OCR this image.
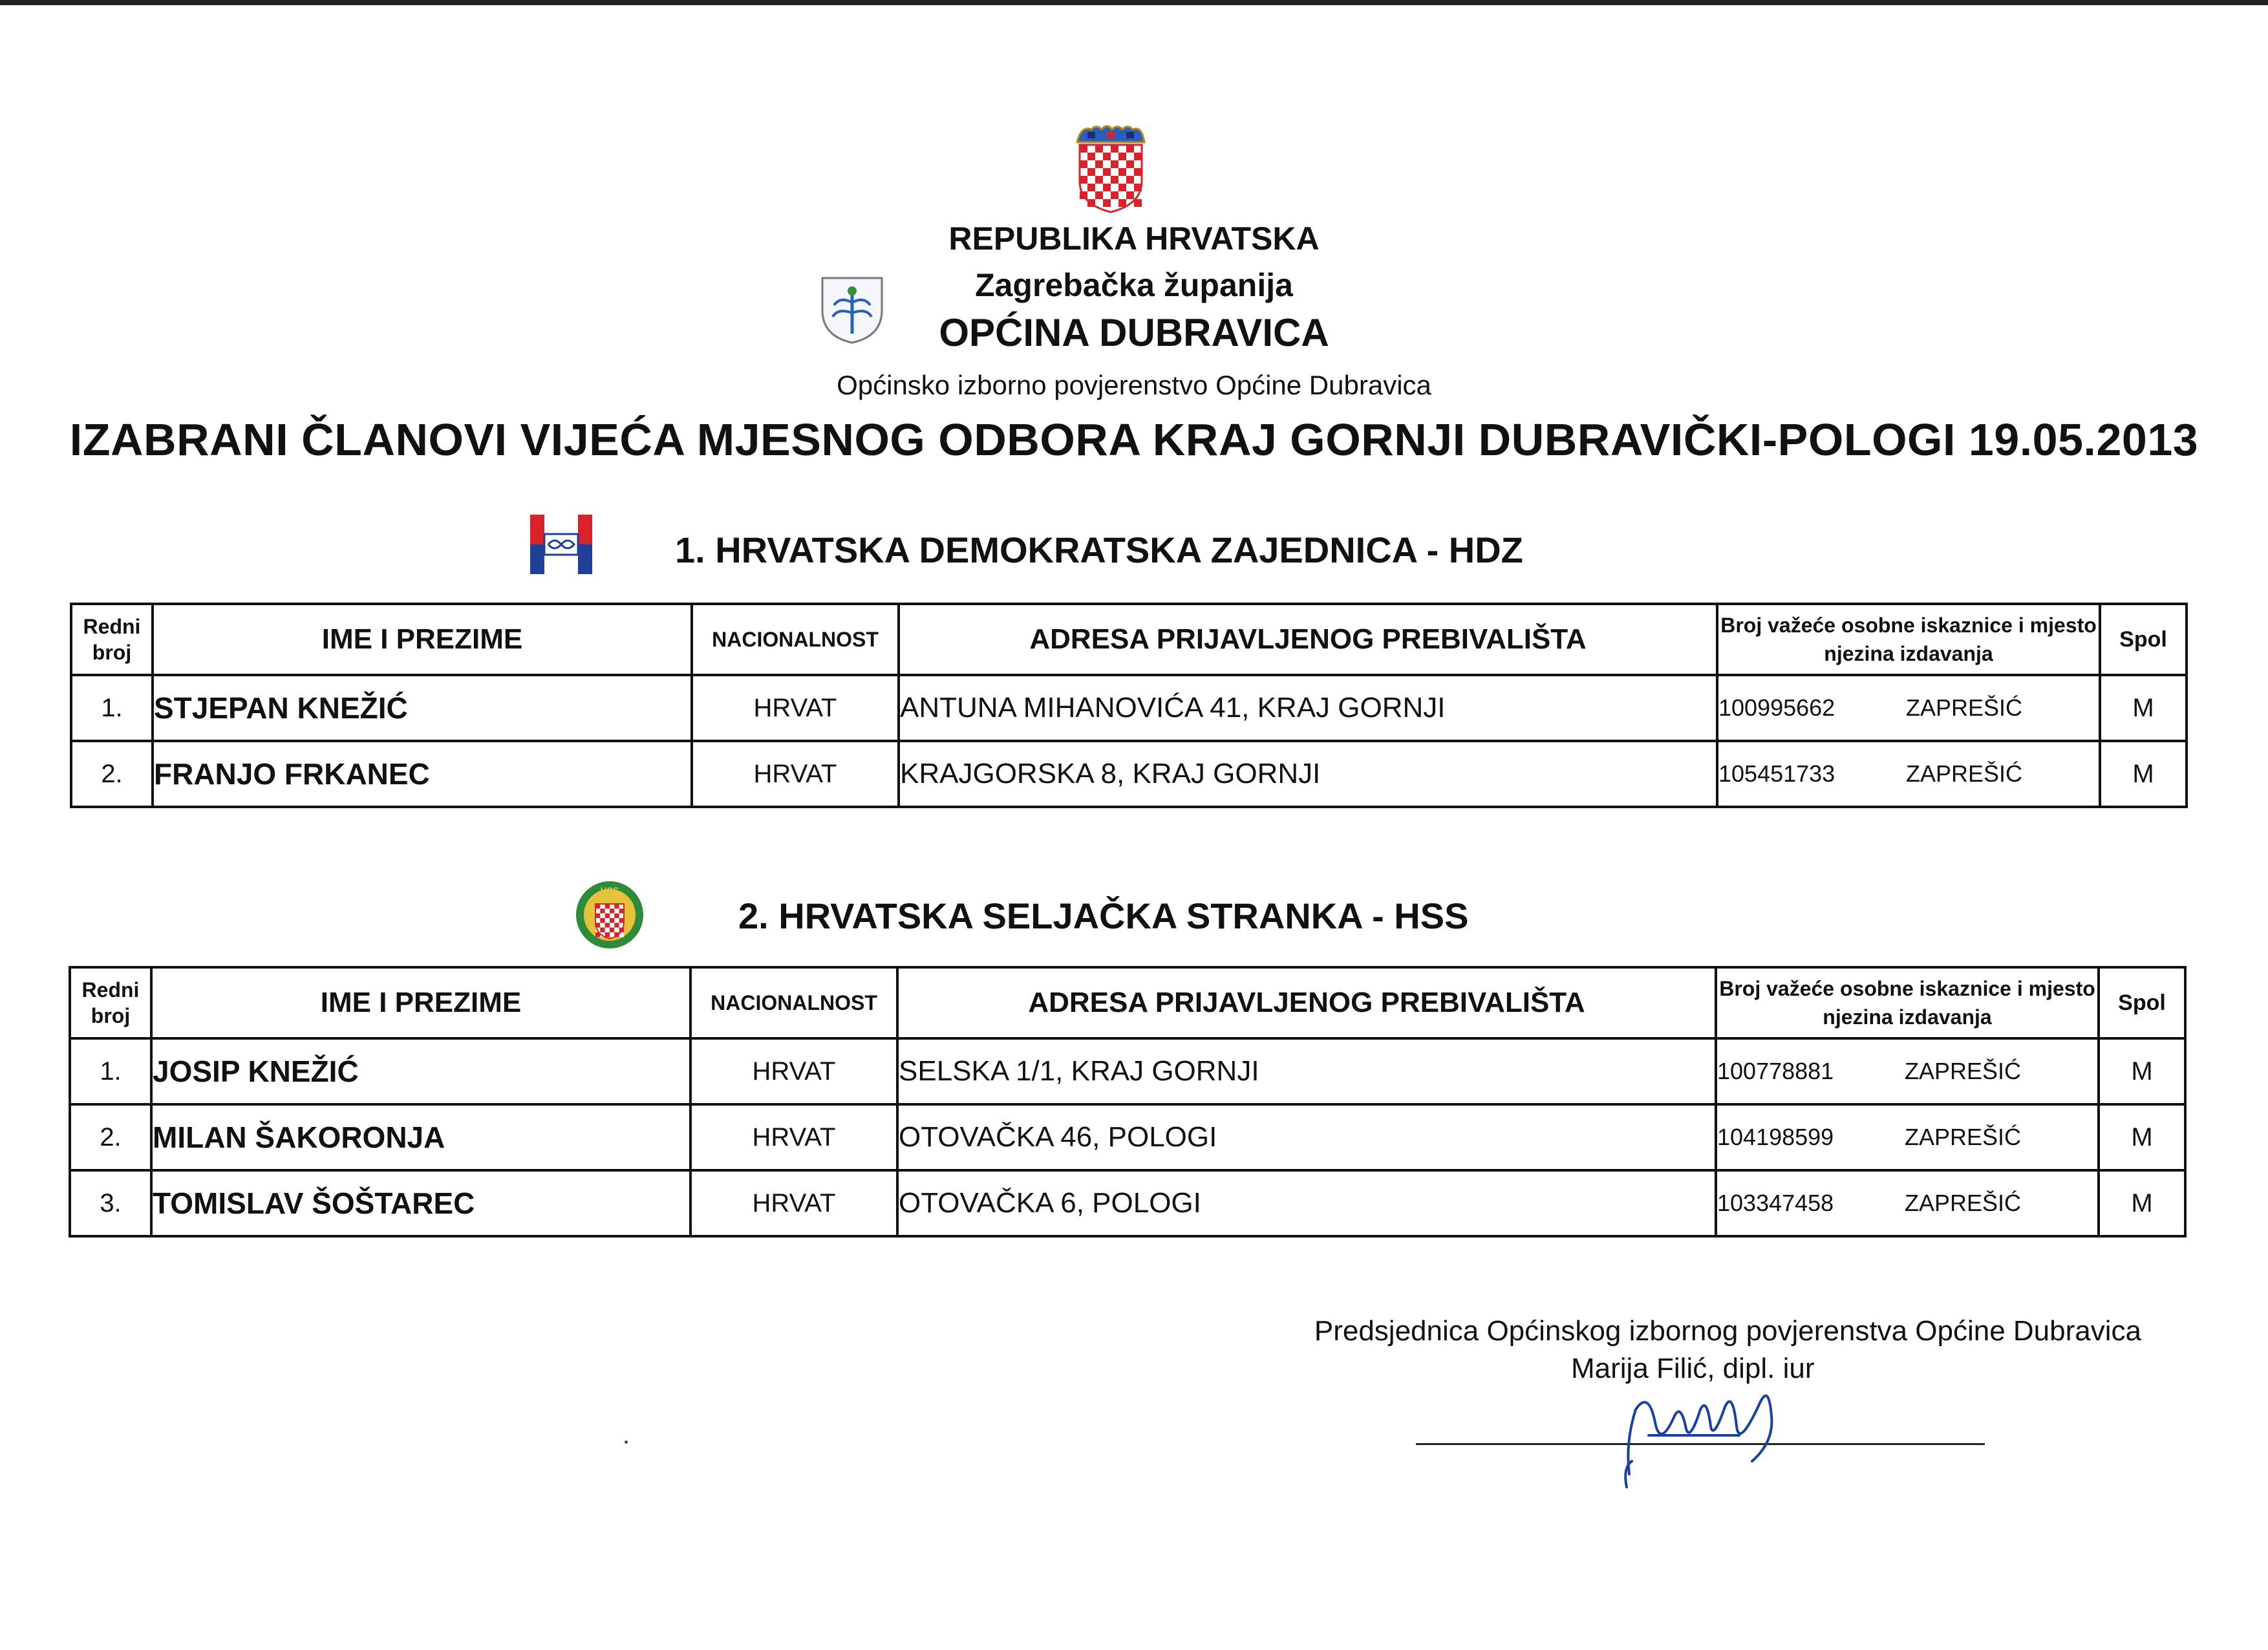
REPUBLIKA HRVATSKA
Zagrebačka županija
OPĆINA DUBRAVICA
Općinsko izborno povjerenstvo Općine Dubravica
IZABRANI ČLANOVI VIJEĆA MJESNOG ODBORA KRAJ GORNJI DUBRAVIČKI-POLOGI 19.05.2013
1. HRVATSKA DEMOKRATSKA ZAJEDNICA - HDZ
Redni broj	IME I PREZIME	NACIONALNOST	ADRESA PRIJAVLJENOG PREBIVALIŠTA	Broj važeće osobne iskaznice i mjesto njezina izdavanja	Spol
1.	STJEPAN KNEŽIĆ	HRVAT	ANTUNA MIHANOVIĆA 41, KRAJ GORNJI	100995662 ZAPREŠIĆ	M
2.	FRANJO FRKANEC	HRVAT	KRAJGORSKA 8, KRAJ GORNJI	105451733 ZAPREŠIĆ	M
HSS
2. HRVATSKA SELJAČKA STRANKA - HSS
Redni broj	IME I PREZIME	NACIONALNOST	ADRESA PRIJAVLJENOG PREBIVALIŠTA	Broj važeće osobne iskaznice i mjesto njezina izdavanja	Spol
1.	JOSIP KNEŽIĆ	HRVAT	SELSKA 1/1, KRAJ GORNJI	100778881 ZAPREŠIĆ	M
2.	MILAN ŠAKORONJA	HRVAT	OTOVAČKA 46, POLOGI	104198599 ZAPREŠIĆ	M
3.	TOMISLAV ŠOŠTAREC	HRVAT	OTOVAČKA 6, POLOGI	103347458 ZAPREŠIĆ	M
Predsjednica Općinskog izbornog povjerenstva Općine Dubravica
Marija Filić, dipl. iur
